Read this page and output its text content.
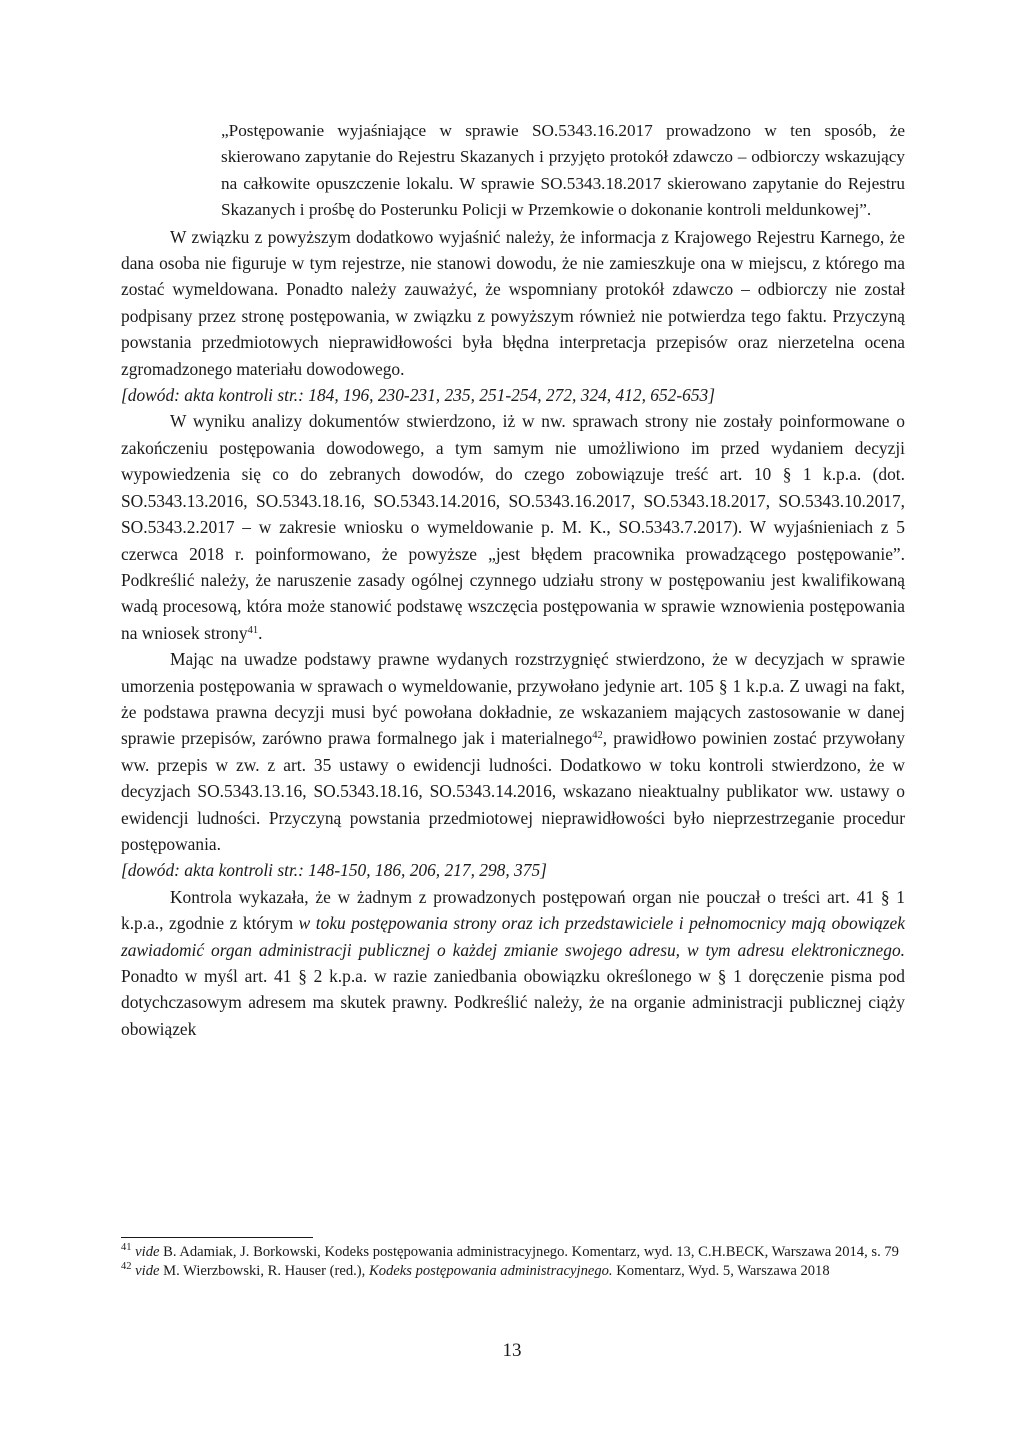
„Postępowanie wyjaśniające w sprawie SO.5343.16.2017 prowadzono w ten sposób, że skierowano zapytanie do Rejestru Skazanych i przyjęto protokół zdawczo – odbiorczy wskazujący na całkowite opuszczenie lokalu. W sprawie SO.5343.18.2017 skierowano zapytanie do Rejestru Skazanych i prośbę do Posterunku Policji w Przemkowie o dokonanie kontroli meldunkowej”.

W związku z powyższym dodatkowo wyjaśnić należy, że informacja z Krajowego Rejestru Karnego, że dana osoba nie figuruje w tym rejestrze, nie stanowi dowodu, że nie zamieszkuje ona w miejscu, z którego ma zostać wymeldowana. Ponadto należy zauważyć, że wspomniany protokół zdawczo – odbiorczy nie został podpisany przez stronę postępowania, w związku z powyższym również nie potwierdza tego faktu. Przyczyną powstania przedmiotowych nieprawidłowości była błędna interpretacja przepisów oraz nierzetelna ocena zgromadzonego materiału dowodowego.

[dowód: akta kontroli str.: 184, 196, 230-231, 235, 251-254, 272, 324, 412, 652-653]

W wyniku analizy dokumentów stwierdzono, iż w nw. sprawach strony nie zostały poinformowane o zakończeniu postępowania dowodowego, a tym samym nie umożliwiono im przed wydaniem decyzji wypowiedzenia się co do zebranych dowodów, do czego zobowiązuje treść art. 10 § 1 k.p.a. (dot. SO.5343.13.2016, SO.5343.18.16, SO.5343.14.2016, SO.5343.16.2017, SO.5343.18.2017, SO.5343.10.2017, SO.5343.2.2017 – w zakresie wniosku o wymeldowanie p. M. K., SO.5343.7.2017). W wyjaśnieniach z 5 czerwca 2018 r. poinformowano, że powyższe „jest błędem pracownika prowadzącego postępowanie”. Podkreślić należy, że naruszenie zasady ogólnej czynnego udziału strony w postępowaniu jest kwalifikowaną wadą procesową, która może stanowić podstawę wszczęcia postępowania w sprawie wznowienia postępowania na wniosek strony$^{41}$.

Mając na uwadze podstawy prawne wydanych rozstrzygnięć stwierdzono, że w decyzjach w sprawie umorzenia postępowania w sprawach o wymeldowanie, przywołano jedynie art. 105 § 1 k.p.a. Z uwagi na fakt, że podstawa prawna decyzji musi być powołana dokładnie, ze wskazaniem mających zastosowanie w danej sprawie przepisów, zarówno prawa formalnego jak i materialnego$^{42}$, prawidłowo powinien zostać przywołany ww. przepis w zw. z art. 35 ustawy o ewidencji ludności. Dodatkowo w toku kontroli stwierdzono, że w decyzjach SO.5343.13.16, SO.5343.18.16, SO.5343.14.2016, wskazano nieaktualny publikator ww. ustawy o ewidencji ludności. Przyczyną powstania przedmiotowej nieprawidłowości było nieprzestrzeganie procedur postępowania.

[dowód: akta kontroli str.: 148-150, 186, 206, 217, 298, 375]

Kontrola wykazała, że w żadnym z prowadzonych postępowań organ nie pouczał o treści art. 41 § 1 k.p.a., zgodnie z którym w toku postępowania strony oraz ich przedstawiciele i pełnomocnicy mają obowiązek zawiadomić organ administracji publicznej o każdej zmianie swojego adresu, w tym adresu elektronicznego. Ponadto w myśl art. 41 § 2 k.p.a. w razie zaniedbania obowiązku określonego w § 1 doręczenie pisma pod dotychczasowym adresem ma skutek prawny. Podkreślić należy, że na organie administracji publicznej ciąży obowiązek

$^{41}$ vide B. Adamiak, J. Borkowski, Kodeks postępowania administracyjnego. Komentarz, wyd. 13, C.H.BECK, Warszawa 2014, s. 79

$^{42}$ vide M. Wierzbowski, R. Hauser (red.), Kodeks postępowania administracyjnego. Komentarz, Wyd. 5, Warszawa 2018

13
